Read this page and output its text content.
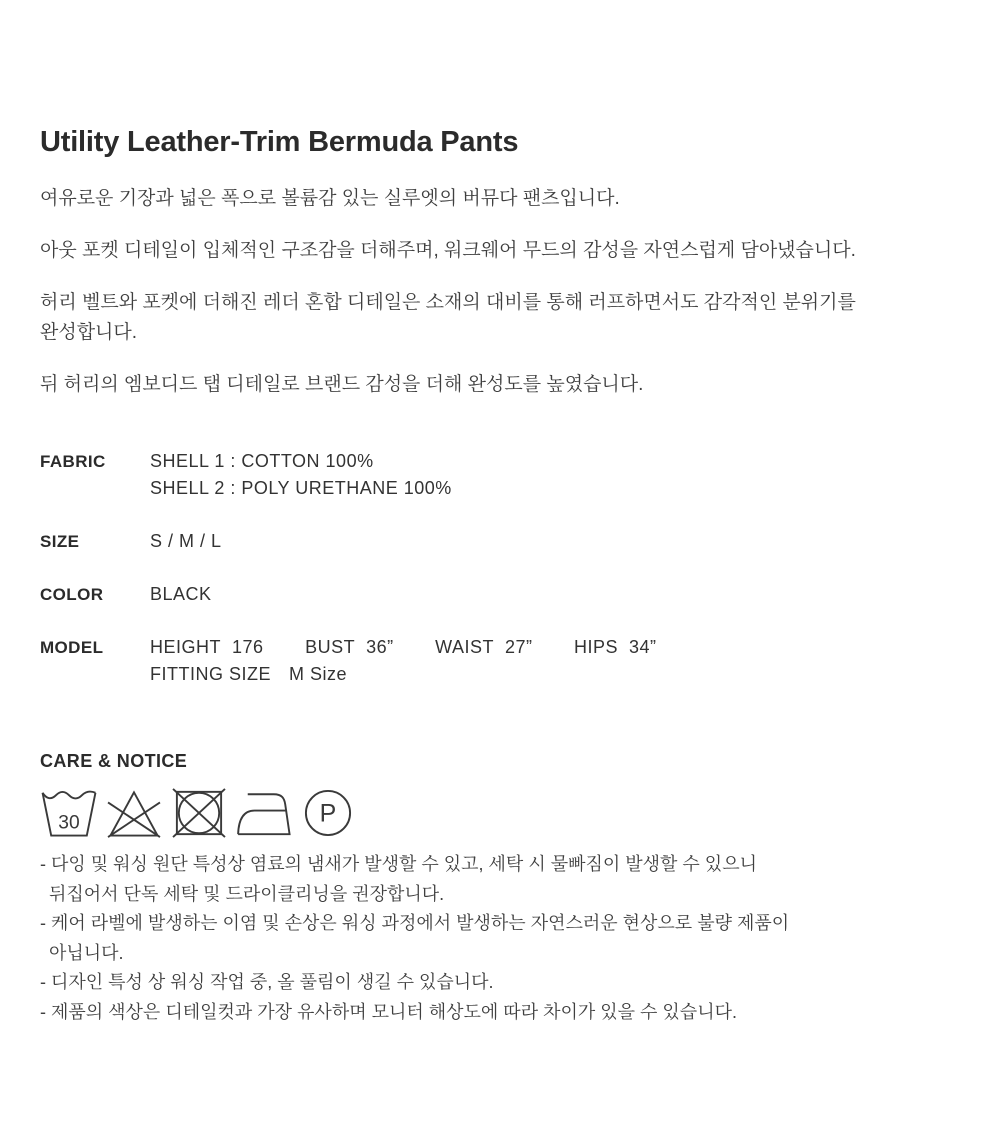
Utility Leather-Trim Bermuda Pants
여유로운 기장과 넓은 폭으로 볼륨감 있는 실루엣의 버뮤다 팬츠입니다.
아웃 포켓 디테일이 입체적인 구조감을 더해주며, 워크웨어 무드의 감성을 자연스럽게 담아냈습니다.
허리 벨트와 포켓에 더해진 레더 혼합 디테일은 소재의 대비를 통해 러프하면서도 감각적인 분위기를
완성합니다.
뒤 허리의 엠보디드 탭 디테일로 브랜드 감성을 더해 완성도를 높였습니다.
FABRIC	SHELL 1 : COTTON 100%
SHELL 2 : POLY URETHANE 100%
SIZE	S / M / L
COLOR	BLACK
MODEL	HEIGHT 176 BUST 36” WAIST 27” HIPS 34”
FITTING SIZE M Size
CARE & NOTICE
30	P
- 다잉 및 워싱 원단 특성상 염료의 냄새가 발생할 수 있고, 세탁 시 물빠짐이 발생할 수 있으니
뒤집어서 단독 세탁 및 드라이클리닝을 권장합니다.
- 케어 라벨에 발생하는 이염 및 손상은 워싱 과정에서 발생하는 자연스러운 현상으로 불량 제품이
아닙니다.
- 디자인 특성 상 워싱 작업 중, 올 풀림이 생길 수 있습니다.
- 제품의 색상은 디테일컷과 가장 유사하며 모니터 해상도에 따라 차이가 있을 수 있습니다.
